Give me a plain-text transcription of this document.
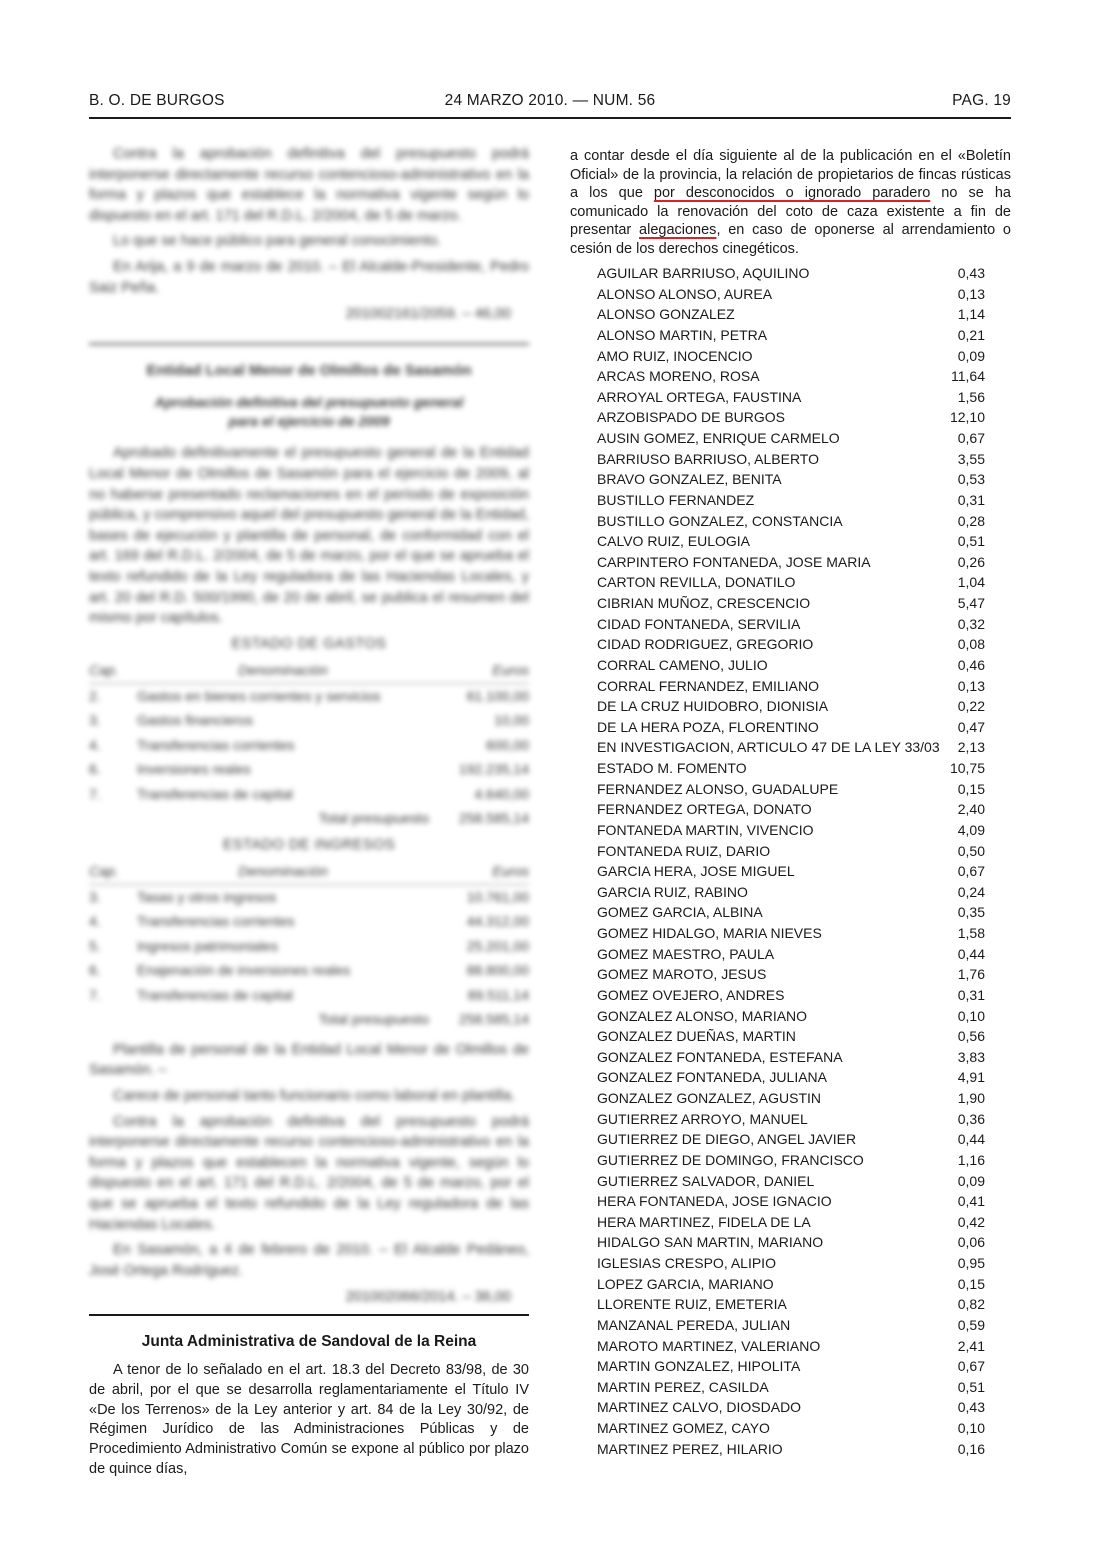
B. O. DE BURGOS	24 MARZO 2010. — NUM. 56	PAG. 19

Contra la aprobación definitiva del presupuesto podrá interponerse directamente recurso contencioso-administrativo en la forma y plazos que establece la normativa vigente según lo dispuesto en el art. 171 del R.D.L. 2/2004, de 5 de marzo.

Lo que se hace público para general conocimiento.

En Arija, a 9 de marzo de 2010. – El Alcalde-Presidente, Pedro Saiz Peña.

201002161/2059. – 46,00
Entidad Local Menor de Olmillos de Sasamón
Aprobación definitiva del presupuesto general
para el ejercicio de 2009

Aprobado definitivamente el presupuesto general de la Entidad Local Menor de Olmillos de Sasamón para el ejercicio de 2009, al no haberse presentado reclamaciones en el período de exposición pública, y comprensivo aquel del presupuesto general de la Entidad, bases de ejecución y plantilla de personal, de conformidad con el art. 169 del R.D.L. 2/2004, de 5 de marzo, por el que se aprueba el texto refundido de la Ley reguladora de las Haciendas Locales, y art. 20 del R.D. 500/1990, de 20 de abril, se publica el resumen del mismo por capítulos.

ESTADO DE GASTOS
Cap.	Denominación	Euros
2.	Gastos en bienes corrientes y servicios	61.100,00
3.	Gastos financieros	10,00
4.	Transferencias corrientes	600,00
6.	Inversiones reales	192.235,14
7.	Transferencias de capital	4.640,00
	Total presupuesto	258.585,14
ESTADO DE INGRESOS
Cap.	Denominación	Euros
3.	Tasas y otros ingresos	10.761,00
4.	Transferencias corrientes	44.312,00
5.	Ingresos patrimoniales	25.201,00
6.	Enajenación de inversiones reales	88.800,00
7.	Transferencias de capital	89.511,14
	Total presupuesto	258.585,14

Plantilla de personal de la Entidad Local Menor de Olmillos de Sasamón. –

Carece de personal tanto funcionario como laboral en plantilla.

Contra la aprobación definitiva del presupuesto podrá interponerse directamente recurso contencioso-administrativo en la forma y plazos que establecen la normativa vigente, según lo dispuesto en el art. 171 del R.D.L. 2/2004, de 5 de marzo, por el que se aprueba el texto refundido de la Ley reguladora de las Haciendas Locales.

En Sasamón, a 4 de febrero de 2010. – El Alcalde Pedáneo, José Ortega Rodríguez.

201002066/2014. – 36,00
Junta Administrativa de Sandoval de la Reina

A tenor de lo señalado en el art. 18.3 del Decreto 83/98, de 30 de abril, por el que se desarrolla reglamentariamente el Título IV «De los Terrenos» de la Ley anterior y art. 84 de la Ley 30/92, de Régimen Jurídico de las Administraciones Públicas y de Procedimiento Administrativo Común se expone al público por plazo de quince días,

a contar desde el día siguiente al de la publicación en el «Boletín Oficial» de la provincia, la relación de propietarios de fincas rústicas a los que por desconocidos o ignorado paradero no se ha comunicado la renovación del coto de caza existente a fin de presentar alegaciones, en caso de oponerse al arrendamiento o cesión de los derechos cinegéticos.

AGUILAR BARRIUSO, AQUILINO	0,43
ALONSO ALONSO, AUREA	0,13
ALONSO GONZALEZ	1,14
ALONSO MARTIN, PETRA	0,21
AMO RUIZ, INOCENCIO	0,09
ARCAS MORENO, ROSA	11,64
ARROYAL ORTEGA, FAUSTINA	1,56
ARZOBISPADO DE BURGOS	12,10
AUSIN GOMEZ, ENRIQUE CARMELO	0,67
BARRIUSO BARRIUSO, ALBERTO	3,55
BRAVO GONZALEZ, BENITA	0,53
BUSTILLO FERNANDEZ	0,31
BUSTILLO GONZALEZ, CONSTANCIA	0,28
CALVO RUIZ, EULOGIA	0,51
CARPINTERO FONTANEDA, JOSE MARIA	0,26
CARTON REVILLA, DONATILO	1,04
CIBRIAN MUÑOZ, CRESCENCIO	5,47
CIDAD FONTANEDA, SERVILIA	0,32
CIDAD RODRIGUEZ, GREGORIO	0,08
CORRAL CAMENO, JULIO	0,46
CORRAL FERNANDEZ, EMILIANO	0,13
DE LA CRUZ HUIDOBRO, DIONISIA	0,22
DE LA HERA POZA, FLORENTINO	0,47
EN INVESTIGACION, ARTICULO 47 DE LA LEY 33/03 2,13
ESTADO M. FOMENTO	10,75
FERNANDEZ ALONSO, GUADALUPE	0,15
FERNANDEZ ORTEGA, DONATO	2,40
FONTANEDA MARTIN, VIVENCIO	4,09
FONTANEDA RUIZ, DARIO	0,50
GARCIA HERA, JOSE MIGUEL	0,67
GARCIA RUIZ, RABINO	0,24
GOMEZ GARCIA, ALBINA	0,35
GOMEZ HIDALGO, MARIA NIEVES	1,58
GOMEZ MAESTRO, PAULA	0,44
GOMEZ MAROTO, JESUS	1,76
GOMEZ OVEJERO, ANDRES	0,31
GONZALEZ ALONSO, MARIANO	0,10
GONZALEZ DUEÑAS, MARTIN	0,56
GONZALEZ FONTANEDA, ESTEFANA	3,83
GONZALEZ FONTANEDA, JULIANA	4,91
GONZALEZ GONZALEZ, AGUSTIN	1,90
GUTIERREZ ARROYO, MANUEL	0,36
GUTIERREZ DE DIEGO, ANGEL JAVIER	0,44
GUTIERREZ DE DOMINGO, FRANCISCO	1,16
GUTIERREZ SALVADOR, DANIEL	0,09
HERA FONTANEDA, JOSE IGNACIO	0,41
HERA MARTINEZ, FIDELA DE LA	0,42
HIDALGO SAN MARTIN, MARIANO	0,06
IGLESIAS CRESPO, ALIPIO	0,95
LOPEZ GARCIA, MARIANO	0,15
LLORENTE RUIZ, EMETERIA	0,82
MANZANAL PEREDA, JULIAN	0,59
MAROTO MARTINEZ, VALERIANO	2,41
MARTIN GONZALEZ, HIPOLITA	0,67
MARTIN PEREZ, CASILDA	0,51
MARTINEZ CALVO, DIOSDADO	0,43
MARTINEZ GOMEZ, CAYO	0,10
MARTINEZ PEREZ, HILARIO	0,16
